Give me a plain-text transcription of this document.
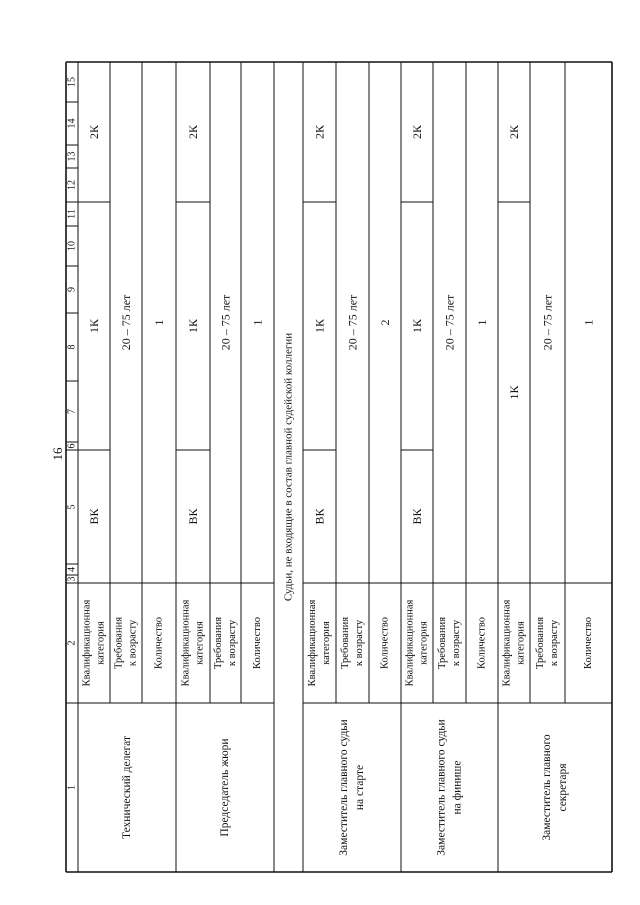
16
1
2
3
4
5
6
7
8
9
10
11
12
13
14
15
Судьи, не входящие в состав главной судейской коллегии
Технический делегат
Квалификационная категория Требования к возрасту Количество
ВК
1К
2К
20 – 75 лет 1
Председатель жюри
Квалификационная категория Требования к возрасту Количество
ВК
1К
2К
20 – 75 лет 1
Заместитель главного судьи на старте
Квалификационная категория Требования к возрасту Количество
ВК
1К
2К
20 – 75 лет 2
Заместитель главного судьи на финише
Квалификационная категория Требования к возрасту Количество
ВК
1К
2К
20 – 75 лет 1
Заместитель главного секретаря
Квалификационная категория Требования к возрасту Количество
1К
2К
20 – 75 лет 1
